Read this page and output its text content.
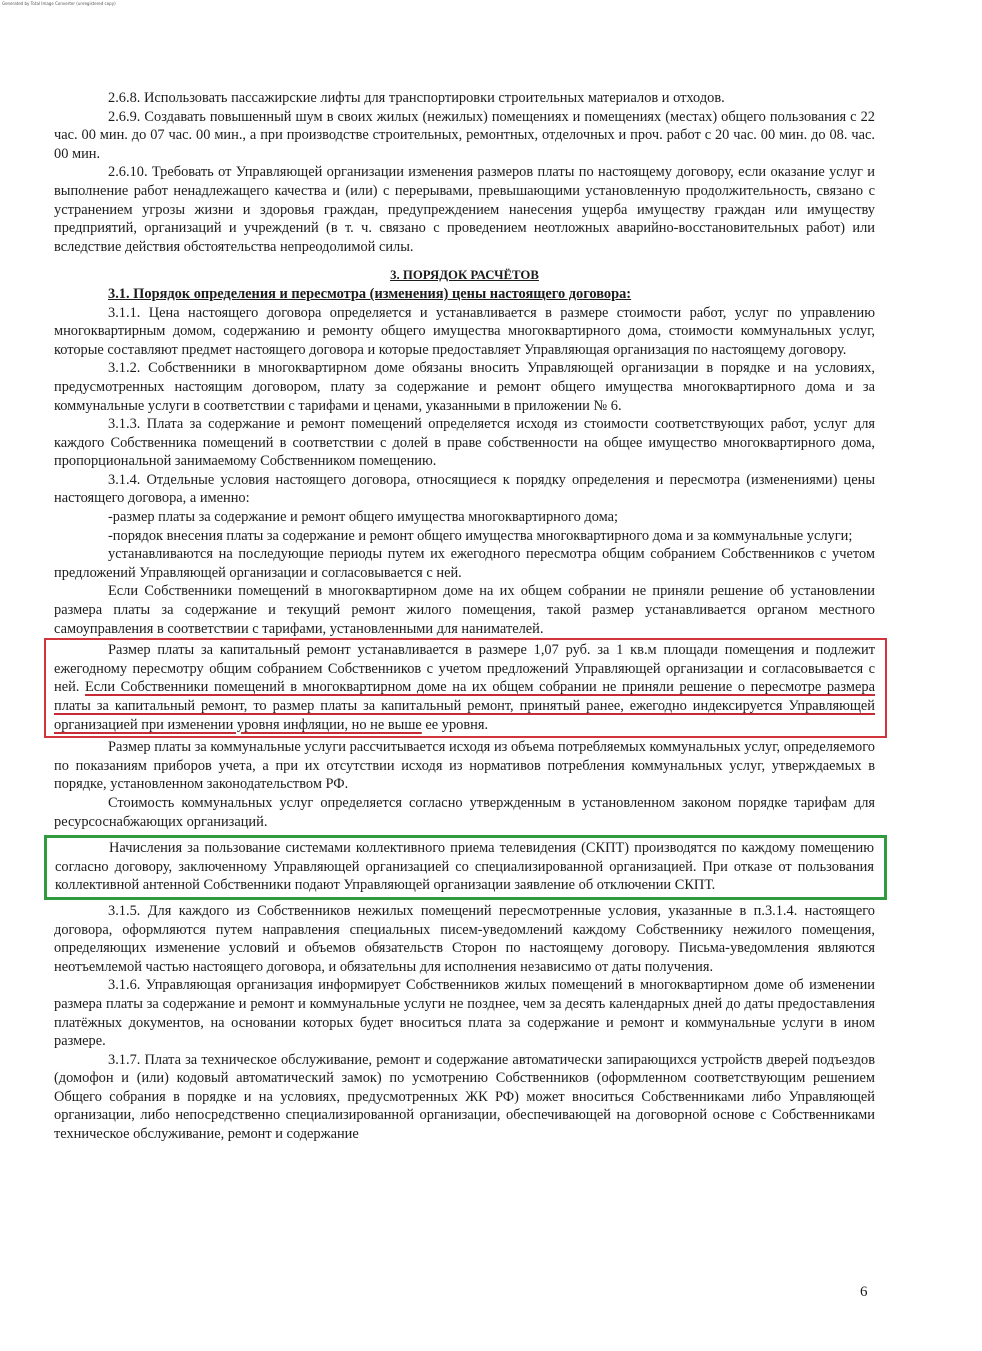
Generated by Total Image Converter (unregistered copy)

2.6.8. Использовать пассажирские лифты для транспортировки строительных материалов и отходов.

2.6.9. Создавать повышенный шум в своих жилых (нежилых) помещениях и помещениях (местах) общего пользования с 22 час. 00 мин. до 07 час. 00 мин., а при производстве строительных, ремонтных, отделочных и проч. работ с 20 час. 00 мин. до 08. час. 00 мин.

2.6.10. Требовать от Управляющей организации изменения размеров платы по настоящему договору, если оказание услуг и выполнение работ ненадлежащего качества и (или) с перерывами, превышающими установленную продолжительность, связано с устранением угрозы жизни и здоровья граждан, предупреждением нанесения ущерба имуществу граждан или имуществу предприятий, организаций и учреждений (в т. ч. связано с проведением неотложных аварийно-восстановительных работ) или вследствие действия обстоятельства непреодолимой силы.

3. ПОРЯДОК РАСЧЁТОВ

3.1. Порядок определения и пересмотра (изменения) цены настоящего договора:

3.1.1. Цена настоящего договора определяется и устанавливается в размере стоимости работ, услуг по управлению многоквартирным домом, содержанию и ремонту общего имущества многоквартирного дома, стоимости коммунальных услуг, которые составляют предмет настоящего договора и которые предоставляет Управляющая организация по настоящему договору.

3.1.2. Собственники в многоквартирном доме обязаны вносить Управляющей организации в порядке и на условиях, предусмотренных настоящим договором, плату за содержание и ремонт общего имущества многоквартирного дома и за коммунальные услуги в соответствии с тарифами и ценами, указанными в приложении № 6.

3.1.3. Плата за содержание и ремонт помещений определяется исходя из стоимости соответствующих работ, услуг для каждого Собственника помещений в соответствии с долей в праве собственности на общее имущество многоквартирного дома, пропорциональной занимаемому Собственником помещению.

3.1.4. Отдельные условия настоящего договора, относящиеся к порядку определения и пересмотра (изменениями) цены настоящего договора, а именно:

-размер платы за содержание и ремонт общего имущества многоквартирного дома;

-порядок внесения платы за содержание и ремонт общего имущества многоквартирного дома и за коммунальные услуги;

устанавливаются на последующие периоды путем их ежегодного пересмотра общим собранием Собственников с учетом предложений Управляющей организации и согласовывается с ней.

Если Собственники помещений в многоквартирном доме на их общем собрании не приняли решение об установлении размера платы за содержание и текущий ремонт жилого помещения, такой размер устанавливается органом местного самоуправления в соответствии с тарифами, установленными для нанимателей.

Размер платы за капитальный ремонт устанавливается в размере 1,07 руб. за 1 кв.м площади помещения и подлежит ежегодному пересмотру общим собранием Собственников с учетом предложений Управляющей организации и согласовывается с ней. Если Собственники помещений в многоквартирном доме на их общем собрании не приняли решение о пересмотре размера платы за капитальный ремонт, то размер платы за капитальный ремонт, принятый ранее, ежегодно индексируется Управляющей организацией при изменении уровня инфляции, но не выше ее уровня.

Размер платы за коммунальные услуги рассчитывается исходя из объема потребляемых коммунальных услуг, определяемого по показаниям приборов учета, а при их отсутствии исходя из нормативов потребления коммунальных услуг, утверждаемых в порядке, установленном законодательством РФ.

Стоимость коммунальных услуг определяется согласно утвержденным в установленном законом порядке тарифам для ресурсоснабжающих организаций.

Начисления за пользование системами коллективного приема телевидения (СКПТ) производятся по каждому помещению согласно договору, заключенному Управляющей организацией со специализированной организацией. При отказе от пользования коллективной антенной Собственники подают Управляющей организации заявление об отключении СКПТ.

3.1.5. Для каждого из Собственников нежилых помещений пересмотренные условия, указанные в п.3.1.4. настоящего договора, оформляются путем направления специальных писем-уведомлений каждому Собственнику нежилого помещения, определяющих изменение условий и объемов обязательств Сторон по настоящему договору. Письма-уведомления являются неотъемлемой частью настоящего договора, и обязательны для исполнения независимо от даты получения.

3.1.6. Управляющая организация информирует Собственников жилых помещений в многоквартирном доме об изменении размера платы за содержание и ремонт и коммунальные услуги не позднее, чем за десять календарных дней до даты предоставления платёжных документов, на основании которых будет вноситься плата за содержание и ремонт и коммунальные услуги в ином размере.

3.1.7. Плата за техническое обслуживание, ремонт и содержание автоматически запирающихся устройств дверей подъездов (домофон и (или) кодовый автоматический замок) по усмотрению Собственников (оформленном соответствующим решением Общего собрания в порядке и на условиях, предусмотренных ЖК РФ) может вноситься Собственниками либо Управляющей организации, либо непосредственно специализированной организации, обеспечивающей на договорной основе с Собственниками техническое обслуживание, ремонт и содержание

6
